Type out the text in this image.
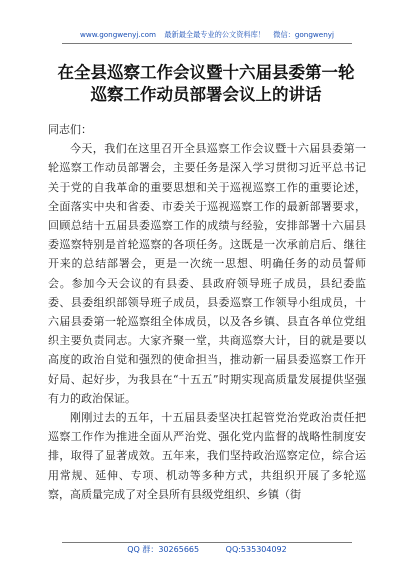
www.gongwenyj.com 最新最全最专业的公文资料库！ 微信：gongwenyj
在全县巡察工作会议暨十六届县委第一轮
巡察工作动员部署会议上的讲话

同志们：

今天，我们在这里召开全县巡察工作会议暨十六届县委第一轮巡察工作动员部署会，主要任务是深入学习贯彻习近平总书记关于党的自我革命的重要思想和关于巡视巡察工作的重要论述，全面落实中央和省委、市委关于巡视巡察工作的最新部署要求，回顾总结十五届县委巡察工作的成绩与经验，安排部署十六届县委巡察特别是首轮巡察的各项任务。这既是一次承前启后、继往开来的总结部署会，更是一次统一思想、明确任务的动员誓师会。参加今天会议的有县委、县政府领导班子成员，县纪委监委、县委组织部领导班子成员，县委巡察工作领导小组成员，十六届县委第一轮巡察组全体成员，以及各乡镇、县直各单位党组织主要负责同志。大家齐聚一堂，共商巡察大计，目的就是要以高度的政治自觉和强烈的使命担当，推动新一届县委巡察工作开好局、起好步，为我县在“十五五”时期实现高质量发展提供坚强有力的政治保证。

刚刚过去的五年，十五届县委坚决扛起管党治党政治责任把巡察工作作为推进全面从严治党、强化党内监督的战略性制度安排，取得了显著成效。五年来，我们坚持政治巡察定位，综合运用常规、延伸、专项、机动等多种方式，共组织开展了多轮巡察，高质量完成了对全县所有县级党组织、乡镇（街

QQ 群：30265665	QQ:535304092
